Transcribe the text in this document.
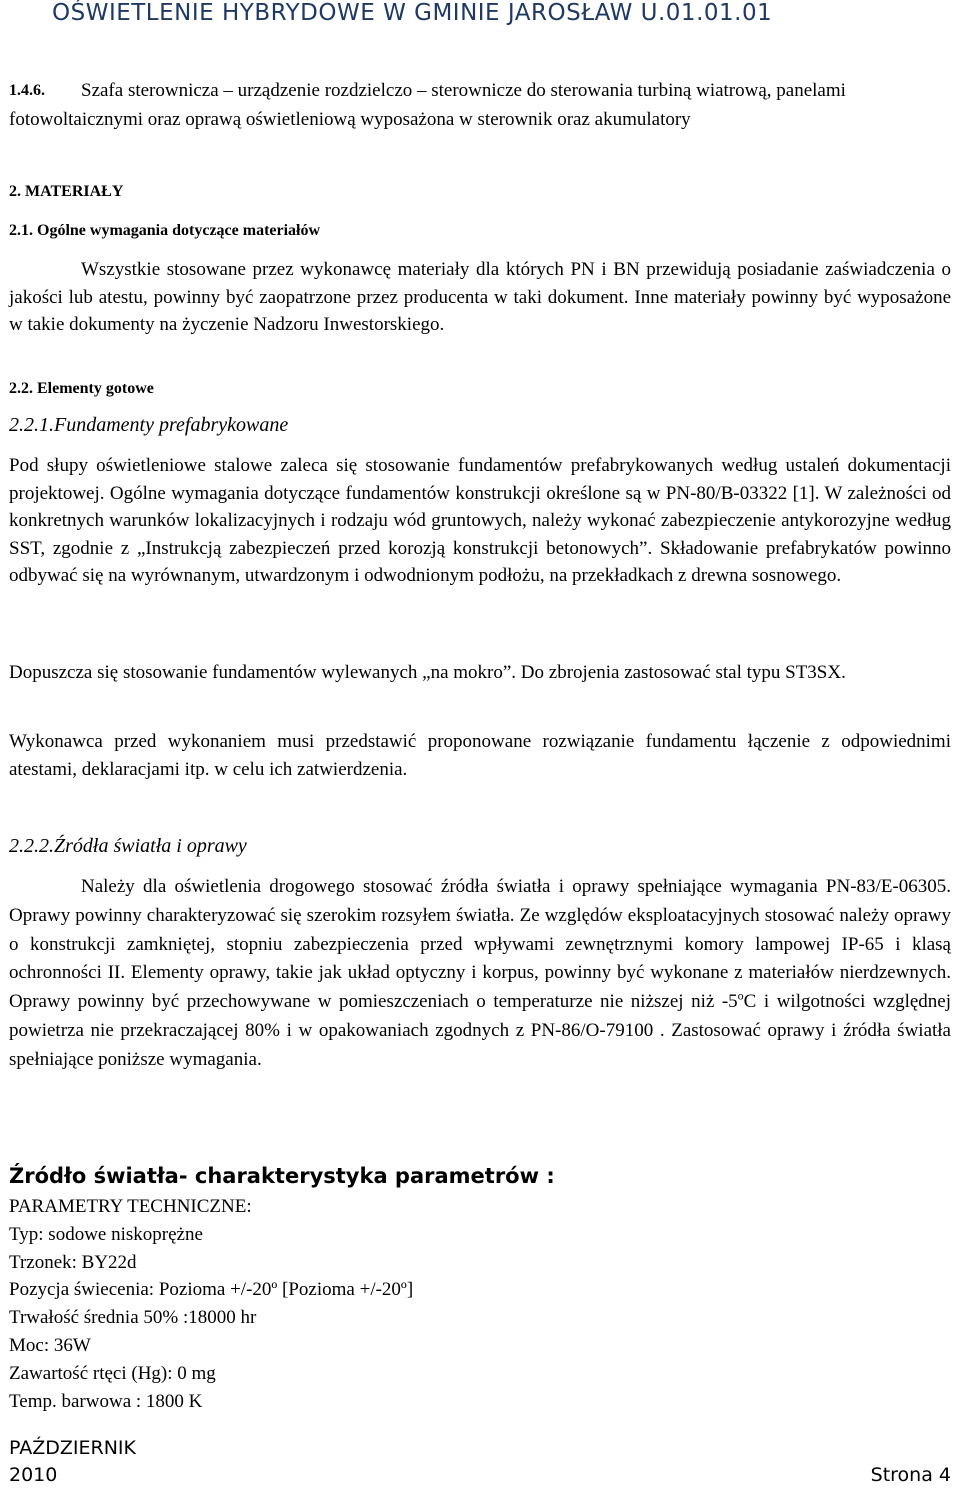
OŚWIETLENIE HYBRYDOWE W GMINIE JAROSŁAW U.01.01.01
1.4.6.	Szafa sterownicza – urządzenie rozdzielczo – sterownicze do sterowania turbiną wiatrową, panelami fotowoltaicznymi oraz oprawą oświetleniową wyposażona w sterownik oraz akumulatory
2. MATERIAŁY
2.1. Ogólne wymagania dotyczące materiałów

Wszystkie stosowane przez wykonawcę materiały dla których PN i BN przewidują posiadanie zaświadczenia o jakości lub atestu, powinny być zaopatrzone przez producenta w taki dokument. Inne materiały powinny być wyposażone w takie dokumenty na życzenie Nadzoru Inwestorskiego.

2.2. Elementy gotowe
2.2.1.Fundamenty prefabrykowane

Pod słupy oświetleniowe stalowe zaleca się stosowanie fundamentów prefabrykowanych według ustaleń dokumentacji projektowej. Ogólne wymagania dotyczące fundamentów konstrukcji określone są w PN-80/B-03322 [1]. W zależności od konkretnych warunków lokalizacyjnych i rodzaju wód gruntowych, należy wykonać zabezpieczenie antykorozyjne według SST, zgodnie z „Instrukcją zabezpieczeń przed korozją konstrukcji betonowych”. Składowanie prefabrykatów powinno odbywać się na wyrównanym, utwardzonym i odwodnionym podłożu, na przekładkach z drewna sosnowego.

Dopuszcza się stosowanie fundamentów wylewanych „na mokro”. Do zbrojenia zastosować stal typu ST3SX.

Wykonawca przed wykonaniem musi przedstawić proponowane rozwiązanie fundamentu łączenie z odpowiednimi atestami, deklaracjami itp. w celu ich zatwierdzenia.

2.2.2.Źródła światła i oprawy

Należy dla oświetlenia drogowego stosować źródła światła i oprawy spełniające wymagania PN-83/E-06305. Oprawy powinny charakteryzować się szerokim rozsyłem światła. Ze względów eksploatacyjnych stosować należy oprawy o konstrukcji zamkniętej, stopniu zabezpieczenia przed wpływami zewnętrznymi komory lampowej IP-65 i klasą ochronności II. Elementy oprawy, takie jak układ optyczny i korpus, powinny być wykonane z materiałów nierdzewnych. Oprawy powinny być przechowywane w pomieszczeniach o temperaturze nie niższej niż -5$^o$C i wilgotności względnej powietrza nie przekraczającej 80% i w opakowaniach zgodnych z PN-86/O-79100 . Zastosować oprawy i źródła światła spełniające poniższe wymagania.

Źródło światła- charakterystyka parametrów :
PARAMETRY TECHNICZNE:
Typ: sodowe niskoprężne
Trzonek: BY22d
Pozycja świecenia: Pozioma +/-20º [Pozioma +/-20º]
Trwałość średnia 50% :18000 hr
Moc: 36W
Zawartość rtęci (Hg): 0 mg
Temp. barwowa : 1800 K
PAŹDZIERNIK
2010	Strona 4
